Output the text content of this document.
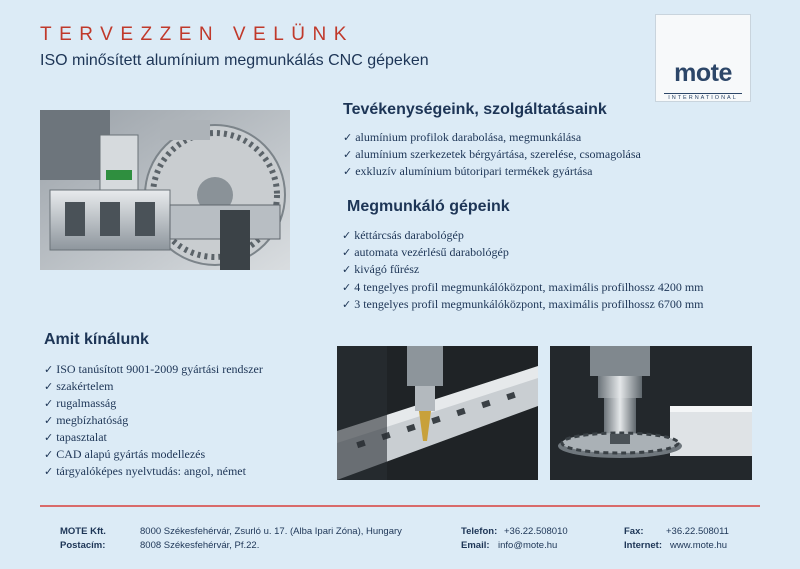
TERVEZZEN VELÜNK
ISO minősített alumínium megmunkálás CNC gépeken	mote
INTERNATIONAL
Tevékenységeink, szolgáltatásaink
✓ alumínium profilok darabolása, megmunkálása
✓ alumínium szerkezetek bérgyártása, szerelése, csomagolása
✓ exkluzív alumínium bútoripari termékek gyártása
Megmunkáló gépeink
✓ kéttárcsás darabológép
✓ automata vezérlésű darabológép
✓ kivágó fűrész
✓ 4 tengelyes profil megmunkálóközpont, maximális profilhossz 4200 mm
✓ 3 tengelyes profil megmunkálóközpont, maximális profilhossz 6700 mm
Amit kínálunk
✓ ISO tanúsított 9001-2009 gyártási rendszer
✓ szakértelem
✓ rugalmasság
✓ megbízhatóság
✓ tapasztalat
✓ CAD alapú gyártás modellezés
✓ tárgyalóképes nyelvtudás: angol, német
MOTE Kft.	8000 Székesfehérvár, Zsurló u. 17. (Alba Ipari Zóna), Hungary
Postacím:	8008 Székesfehérvár, Pf.22.
Telefon: +36.22.508010
Email: info@mote.hu
Fax: +36.22.508011
Internet: www.mote.hu
